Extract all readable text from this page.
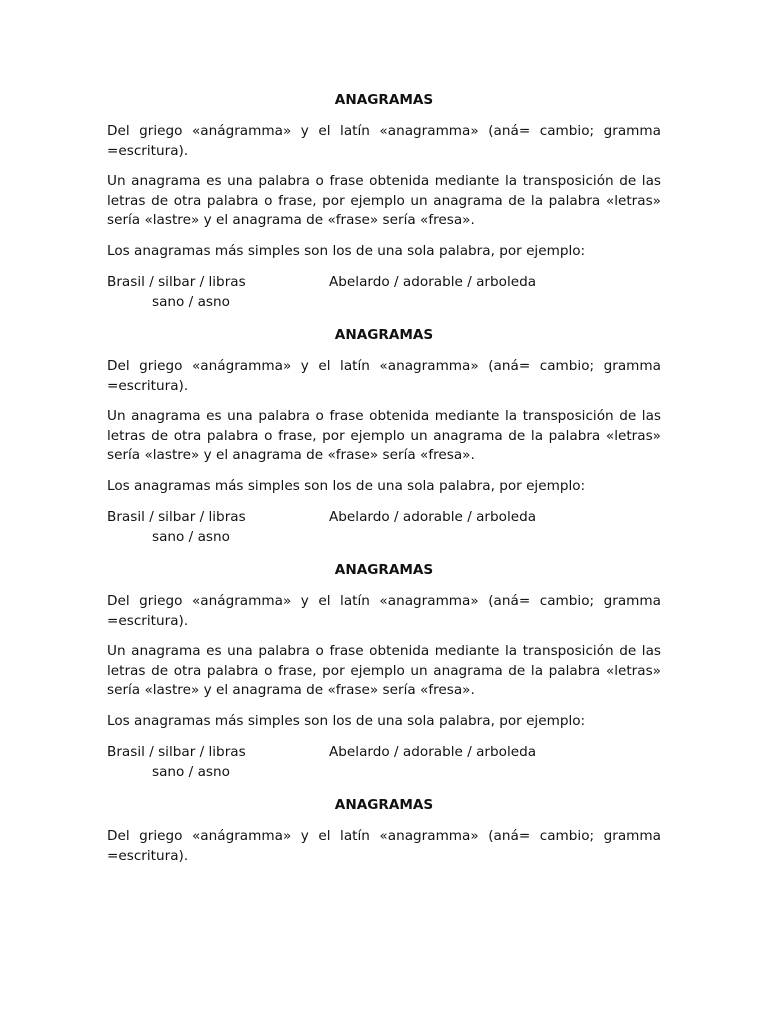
ANAGRAMAS

Del griego «anágramma» y el latín «anagramma» (aná= cambio; gramma =escritura).

Un anagrama es una palabra o frase obtenida mediante la transposición de las letras de otra palabra o frase, por ejemplo un anagrama de la palabra «letras» sería «lastre» y el anagrama de «frase» sería «fresa».

Los anagramas más simples son los de una sola palabra, por ejemplo:

Brasil / silbar / libras	Abelardo / adorable / arboleda
sano / asno
ANAGRAMAS

Del griego «anágramma» y el latín «anagramma» (aná= cambio; gramma =escritura).

Un anagrama es una palabra o frase obtenida mediante la transposición de las letras de otra palabra o frase, por ejemplo un anagrama de la palabra «letras» sería «lastre» y el anagrama de «frase» sería «fresa».

Los anagramas más simples son los de una sola palabra, por ejemplo:

Brasil / silbar / libras	Abelardo / adorable / arboleda
sano / asno
ANAGRAMAS

Del griego «anágramma» y el latín «anagramma» (aná= cambio; gramma =escritura).

Un anagrama es una palabra o frase obtenida mediante la transposición de las letras de otra palabra o frase, por ejemplo un anagrama de la palabra «letras» sería «lastre» y el anagrama de «frase» sería «fresa».

Los anagramas más simples son los de una sola palabra, por ejemplo:

Brasil / silbar / libras	Abelardo / adorable / arboleda
sano / asno
ANAGRAMAS

Del griego «anágramma» y el latín «anagramma» (aná= cambio; gramma =escritura).
